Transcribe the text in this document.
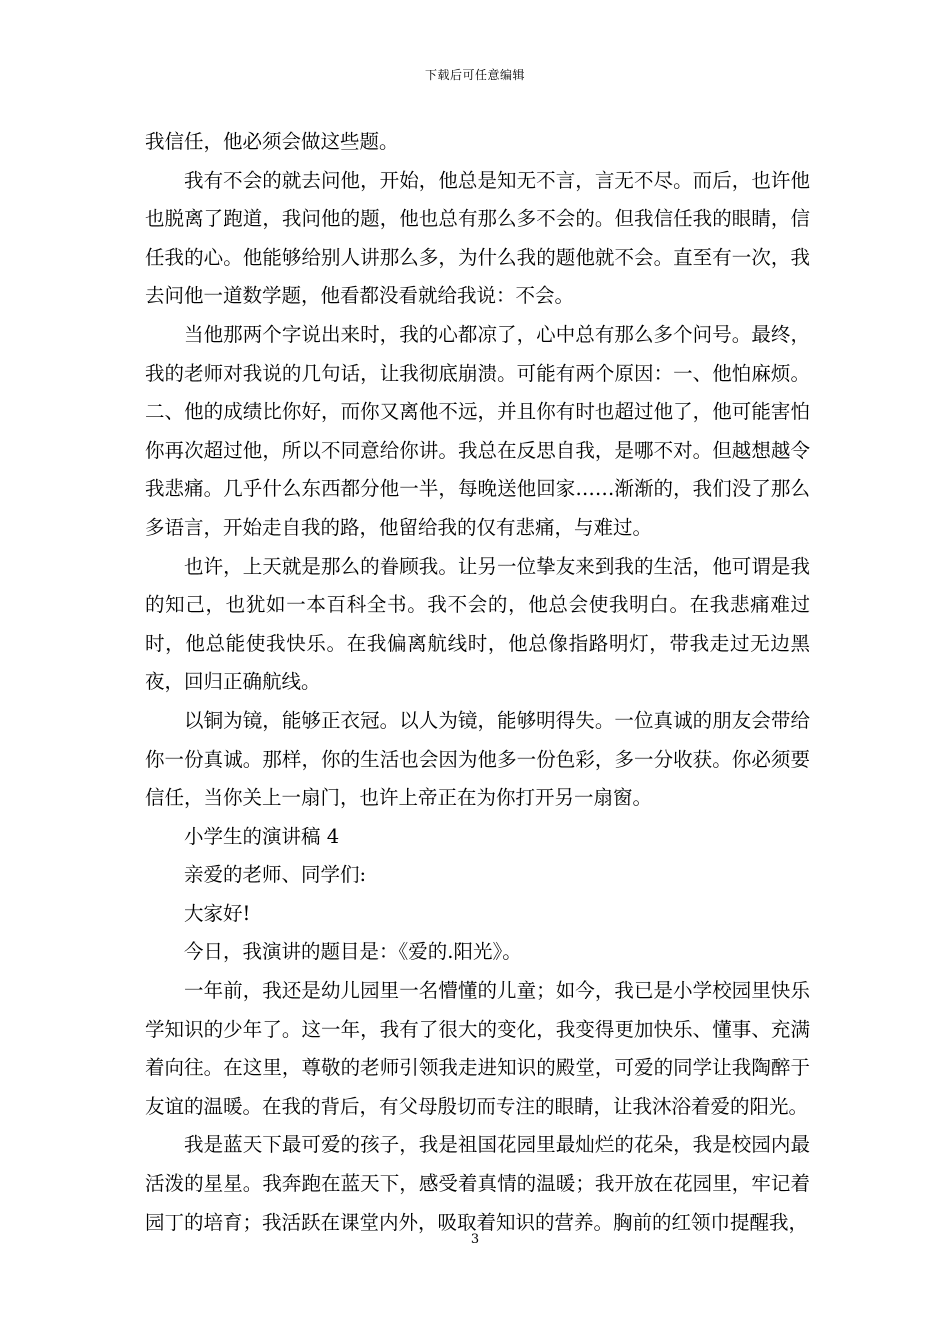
下载后可任意编辑

我信任，他必须会做这些题。

我有不会的就去问他，开始，他总是知无不言，言无不尽。而后，也许他也脱离了跑道，我问他的题，他也总有那么多不会的。但我信任我的眼睛，信任我的心。他能够给别人讲那么多，为什么我的题他就不会。直至有一次，我去问他一道数学题，他看都没看就给我说：不会。

当他那两个字说出来时，我的心都凉了，心中总有那么多个问号。最终，我的老师对我说的几句话，让我彻底崩溃。可能有两个原因：一、他怕麻烦。二、他的成绩比你好，而你又离他不远，并且你有时也超过他了，他可能害怕你再次超过他，所以不同意给你讲。我总在反思自我，是哪不对。但越想越令我悲痛。几乎什么东西都分他一半，每晚送他回家……渐渐的，我们没了那么多语言，开始走自我的路，他留给我的仅有悲痛，与难过。

也许，上天就是那么的眷顾我。让另一位挚友来到我的生活，他可谓是我的知己，也犹如一本百科全书。我不会的，他总会使我明白。在我悲痛难过时，他总能使我快乐。在我偏离航线时，他总像指路明灯，带我走过无边黑夜，回归正确航线。

以铜为镜，能够正衣冠。以人为镜，能够明得失。一位真诚的朋友会带给你一份真诚。那样，你的生活也会因为他多一份色彩，多一分收获。你必须要信任，当你关上一扇门，也许上帝正在为你打开另一扇窗。

小学生的演讲稿 4

亲爱的老师、同学们:

大家好!

今日，我演讲的题目是：《爱的.阳光》。

一年前，我还是幼儿园里一名懵懂的儿童；如今，我已是小学校园里快乐学知识的少年了。这一年，我有了很大的变化，我变得更加快乐、懂事、充满着向往。在这里，尊敬的老师引领我走进知识的殿堂，可爱的同学让我陶醉于友谊的温暖。在我的背后，有父母殷切而专注的眼睛，让我沐浴着爱的阳光。

我是蓝天下最可爱的孩子，我是祖国花园里最灿烂的花朵，我是校园内最活泼的星星。我奔跑在蓝天下，感受着真情的温暖；我开放在花园里，牢记着园丁的培育；我活跃在课堂内外，吸取着知识的营养。胸前的红领巾提醒我，

3
